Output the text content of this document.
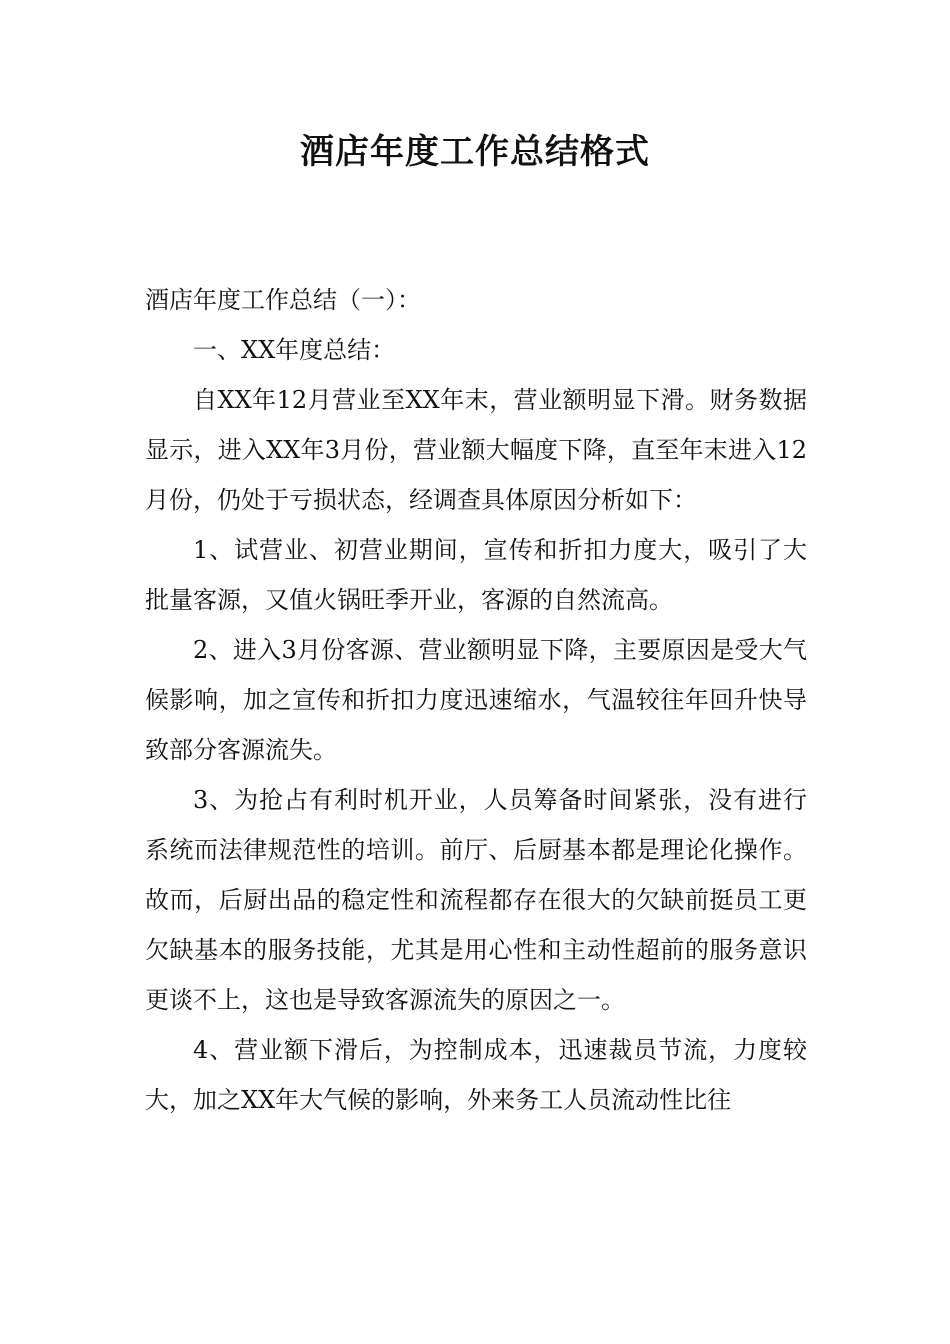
酒店年度工作总结格式

酒店年度工作总结（一）：

一、XX年度总结：

自XX年12月营业至XX年末，营业额明显下滑。财务数据显示，进入XX年3月份，营业额大幅度下降，直至年末进入12月份，仍处于亏损状态，经调查具体原因分析如下：

1、试营业、初营业期间，宣传和折扣力度大，吸引了大批量客源，又值火锅旺季开业，客源的自然流高。

2、进入3月份客源、营业额明显下降，主要原因是受大气候影响，加之宣传和折扣力度迅速缩水，气温较往年回升快导致部分客源流失。

3、为抢占有利时机开业，人员筹备时间紧张，没有进行系统而法律规范性的培训。前厅、后厨基本都是理论化操作。故而，后厨出品的稳定性和流程都存在很大的欠缺前挺员工更欠缺基本的服务技能，尤其是用心性和主动性超前的服务意识更谈不上，这也是导致客源流失的原因之一。

4、营业额下滑后，为控制成本，迅速裁员节流，力度较大，加之XX年大气候的影响，外来务工人员流动性比往
